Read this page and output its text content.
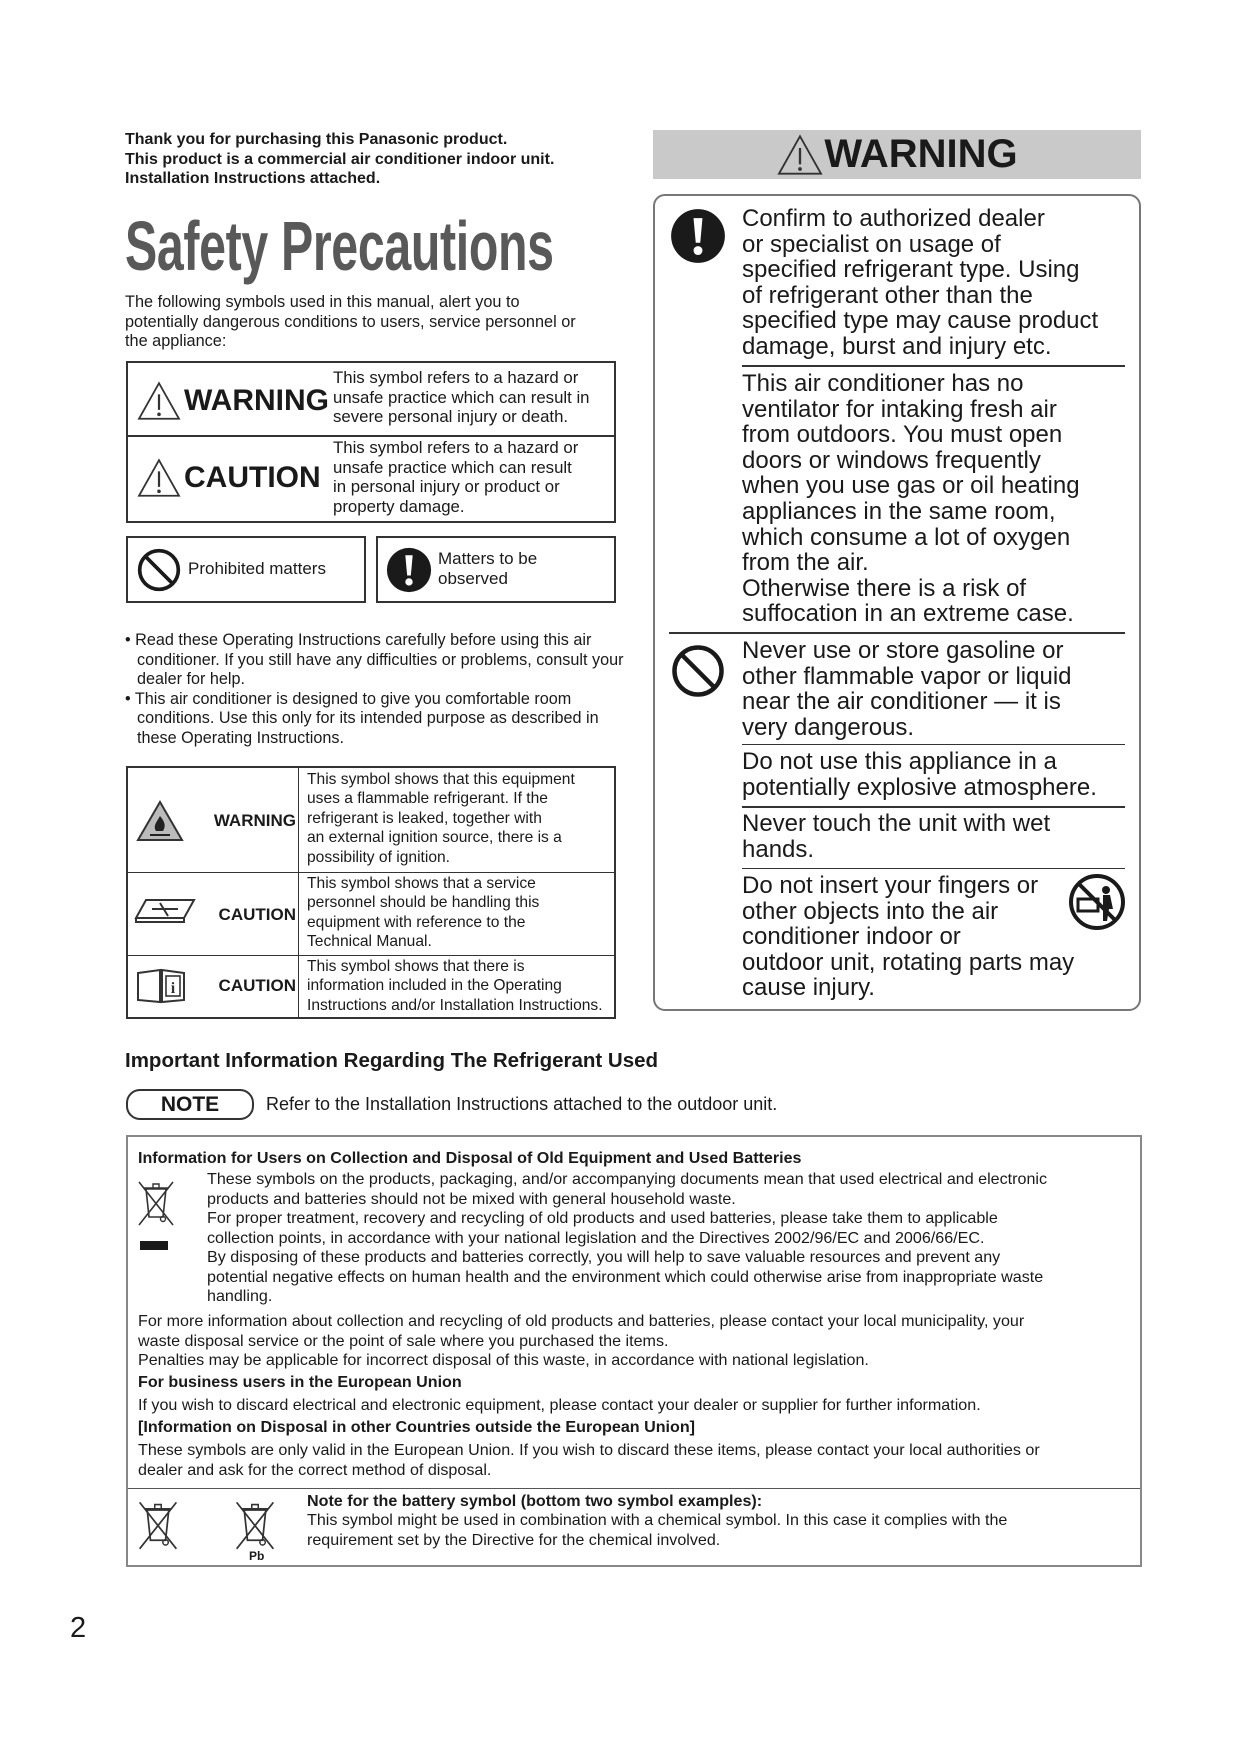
Thank you for purchasing this Panasonic product.
This product is a commercial air conditioner indoor unit.
Installation Instructions attached.
Safety Precautions
The following symbols used in this manual, alert you to
potentially dangerous conditions to users, service personnel or
the appliance:
WARNING
This symbol refers to a hazard or
unsafe practice which can result in
severe personal injury or death.
CAUTION
This symbol refers to a hazard or
unsafe practice which can result
in personal injury or product or
property damage.
Prohibited matters
Matters to be
observed
• Read these Operating Instructions carefully before using this air conditioner. If you still have any difficulties or problems, consult your dealer for help.
• This air conditioner is designed to give you comfortable room conditions. Use this only for its intended purpose as described in these Operating Instructions.
WARNING
This symbol shows that this equipment
uses a flammable refrigerant. If the
refrigerant is leaked, together with
an external ignition source, there is a
possibility of ignition.
CAUTION
This symbol shows that a service
personnel should be handling this
equipment with reference to the
Technical Manual.
i	CAUTION
This symbol shows that there is
information included in the Operating
Instructions and/or Installation Instructions.
WARNING
Confirm to authorized dealer
or specialist on usage of
specified refrigerant type. Using
of refrigerant other than the
specified type may cause product
damage, burst and injury etc.
This air conditioner has no
ventilator for intaking fresh air
from outdoors. You must open
doors or windows frequently
when you use gas or oil heating
appliances in the same room,
which consume a lot of oxygen
from the air.
Otherwise there is a risk of
suffocation in an extreme case.
Never use or store gasoline or
other flammable vapor or liquid
near the air conditioner — it is
very dangerous.
Do not use this appliance in a
potentially explosive atmosphere.
Never touch the unit with wet
hands.
Do not insert your fingers or
other objects into the air
conditioner indoor or
outdoor unit, rotating parts may
cause injury.
Important Information Regarding The Refrigerant Used
NOTE	Refer to the Installation Instructions attached to the outdoor unit.
Information for Users on Collection and Disposal of Old Equipment and Used Batteries
These symbols on the products, packaging, and/or accompanying documents mean that used electrical and electronic
products and batteries should not be mixed with general household waste.
For proper treatment, recovery and recycling of old products and used batteries, please take them to applicable
collection points, in accordance with your national legislation and the Directives 2002/96/EC and 2006/66/EC.
By disposing of these products and batteries correctly, you will help to save valuable resources and prevent any
potential negative effects on human health and the environment which could otherwise arise from inappropriate waste
handling.
For more information about collection and recycling of old products and batteries, please contact your local municipality, your
waste disposal service or the point of sale where you purchased the items.
Penalties may be applicable for incorrect disposal of this waste, in accordance with national legislation.
For business users in the European Union
If you wish to discard electrical and electronic equipment, please contact your dealer or supplier for further information.
[Information on Disposal in other Countries outside the European Union]
These symbols are only valid in the European Union. If you wish to discard these items, please contact your local authorities or
dealer and ask for the correct method of disposal.
Pb
Note for the battery symbol (bottom two symbol examples):
This symbol might be used in combination with a chemical symbol. In this case it complies with the
requirement set by the Directive for the chemical involved.
2
